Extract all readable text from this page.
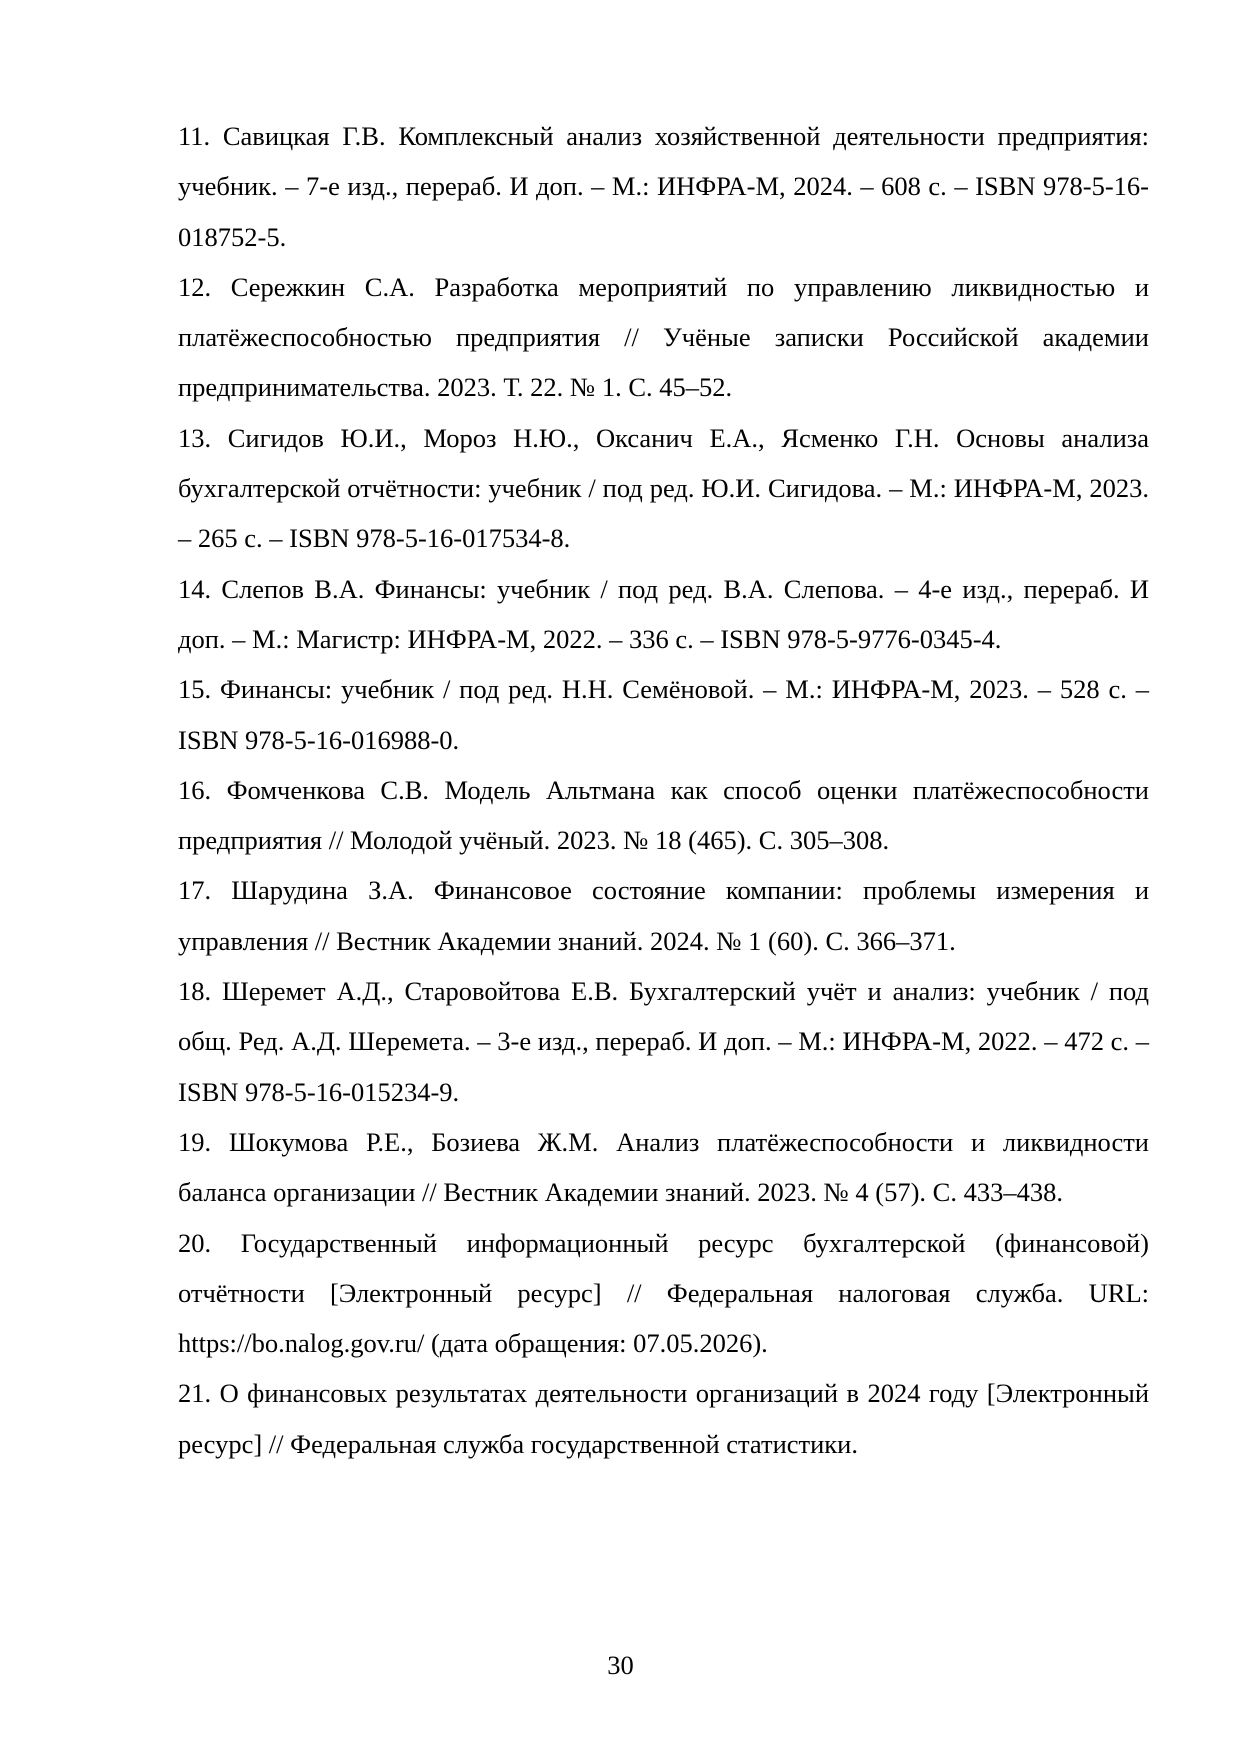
11. Савицкая Г.В. Комплексный анализ хозяйственной деятельности предприятия: учебник. – 7-е изд., перераб. И доп. – М.: ИНФРА-М, 2024. – 608 с. – ISBN 978-5-16-018752-5.

12. Сережкин С.А. Разработка мероприятий по управлению ликвидностью и платёжеспособностью предприятия // Учёные записки Российской академии предпринимательства. 2023. Т. 22. № 1. С. 45–52.

13. Сигидов Ю.И., Мороз Н.Ю., Оксанич Е.А., Ясменко Г.Н. Основы анализа бухгалтерской отчётности: учебник / под ред. Ю.И. Сигидова. – М.: ИНФРА-М, 2023. – 265 с. – ISBN 978-5-16-017534-8.

14. Слепов В.А. Финансы: учебник / под ред. В.А. Слепова. – 4-е изд., перераб. И доп. – М.: Магистр: ИНФРА-М, 2022. – 336 с. – ISBN 978-5-9776-0345-4.

15. Финансы: учебник / под ред. Н.Н. Семёновой. – М.: ИНФРА-М, 2023. – 528 с. – ISBN 978-5-16-016988-0.

16. Фомченкова С.В. Модель Альтмана как способ оценки платёжеспособности предприятия // Молодой учёный. 2023. № 18 (465). С. 305–308.

17. Шарудина З.А. Финансовое состояние компании: проблемы измерения и управления // Вестник Академии знаний. 2024. № 1 (60). С. 366–371.

18. Шеремет А.Д., Старовойтова Е.В. Бухгалтерский учёт и анализ: учебник / под общ. Ред. А.Д. Шеремета. – 3-е изд., перераб. И доп. – М.: ИНФРА-М, 2022. – 472 с. – ISBN 978-5-16-015234-9.

19. Шокумова Р.Е., Бозиева Ж.М. Анализ платёжеспособности и ликвидности баланса организации // Вестник Академии знаний. 2023. № 4 (57). С. 433–438.

20. Государственный информационный ресурс бухгалтерской (финансовой) отчётности [Электронный ресурс] // Федеральная налоговая служба. URL: https://bo.nalog.gov.ru/ (дата обращения: 07.05.2026).

21. О финансовых результатах деятельности организаций в 2024 году [Электронный ресурс] // Федеральная служба государственной статистики.

30
